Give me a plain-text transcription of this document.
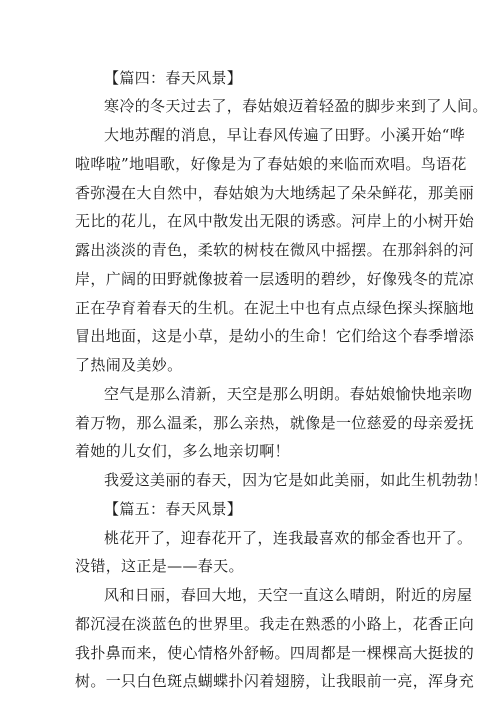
【篇四：春天风景】
寒冷的冬天过去了，春姑娘迈着轻盈的脚步来到了人间。
大地苏醒的消息，早让春风传遍了田野。小溪开始“哗
啦哗啦”地唱歌，好像是为了春姑娘的来临而欢唱。鸟语花
香弥漫在大自然中，春姑娘为大地绣起了朵朵鲜花，那美丽
无比的花儿，在风中散发出无限的诱惑。河岸上的小树开始
露出淡淡的青色，柔软的树枝在微风中摇摆。在那斜斜的河
岸，广阔的田野就像披着一层透明的碧纱，好像残冬的荒凉
正在孕育着春天的生机。在泥土中也有点点绿色探头探脑地
冒出地面，这是小草，是幼小的生命！它们给这个春季增添
了热闹及美妙。
空气是那么清新，天空是那么明朗。春姑娘愉快地亲吻
着万物，那么温柔，那么亲热，就像是一位慈爱的母亲爱抚
着她的儿女们，多么地亲切啊！
我爱这美丽的春天，因为它是如此美丽，如此生机勃勃！
【篇五：春天风景】
桃花开了，迎春花开了，连我最喜欢的郁金香也开了。
没错，这正是——春天。
风和日丽，春回大地，天空一直这么晴朗，附近的房屋
都沉浸在淡蓝色的世界里。我走在熟悉的小路上，花香正向
我扑鼻而来，使心情格外舒畅。四周都是一棵棵高大挺拔的
树。一只白色斑点蝴蝶扑闪着翅膀，让我眼前一亮，浑身充
